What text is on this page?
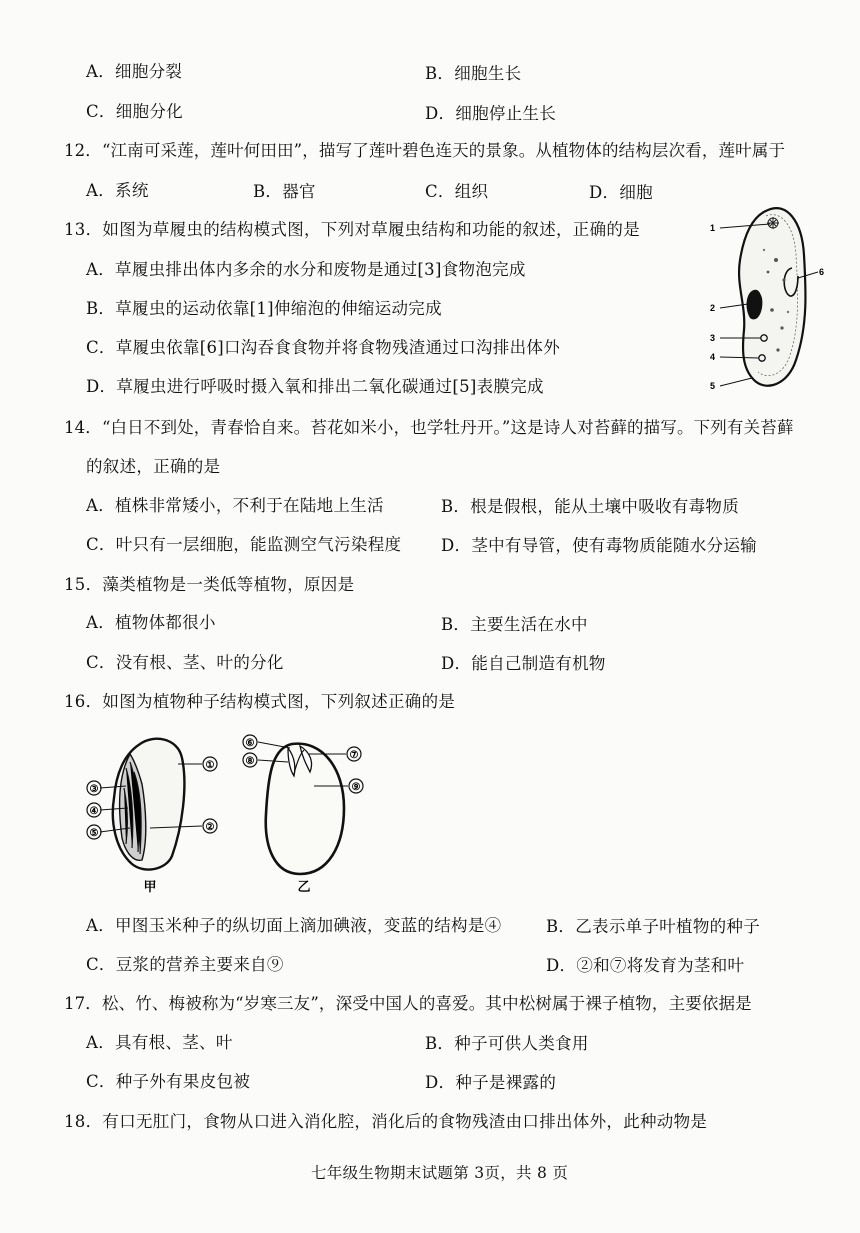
A．细胞分裂	B．细胞生长
C．细胞分化	D．细胞停止生长
12．“江南可采莲，莲叶何田田”，描写了莲叶碧色连天的景象。从植物体的结构层次看，莲叶属于
A．系统	B．器官	C．组织	D．细胞
13．如图为草履虫的结构模式图，下列对草履虫结构和功能的叙述，正确的是
A．草履虫排出体内多余的水分和废物是通过[3]食物泡完成
B．草履虫的运动依靠[1]伸缩泡的伸缩运动完成
C．草履虫依靠[6]口沟吞食食物并将食物残渣通过口沟排出体外
D．草履虫进行呼吸时摄入氧和排出二氧化碳通过[5]表膜完成
1
2
3
4
5
6
14．“白日不到处，青春恰自来。苔花如米小，也学牡丹开。”这是诗人对苔藓的描写。下列有关苔藓
的叙述，正确的是
A．植株非常矮小，不利于在陆地上生活	B．根是假根，能从土壤中吸收有毒物质
C．叶只有一层细胞，能监测空气污染程度 D．茎中有导管，使有毒物质能随水分运输
15．藻类植物是一类低等植物，原因是
A．植物体都很小	B．主要生活在水中
C．没有根、茎、叶的分化	D．能自己制造有机物
16．如图为植物种子结构模式图，下列叙述正确的是
①
②
③
④
⑤
甲
⑥
⑦
⑧
⑨
乙
A．甲图玉米种子的纵切面上滴加碘液，变蓝的结构是④	B．乙表示单子叶植物的种子
C．豆浆的营养主要来自⑨	D．②和⑦将发育为茎和叶
17．松、竹、梅被称为“岁寒三友”，深受中国人的喜爱。其中松树属于裸子植物，主要依据是
A．具有根、茎、叶	B．种子可供人类食用
C．种子外有果皮包被	D．种子是裸露的
18．有口无肛门，食物从口进入消化腔，消化后的食物残渣由口排出体外，此种动物是
七年级生物期末试题第 3页，共 8 页
